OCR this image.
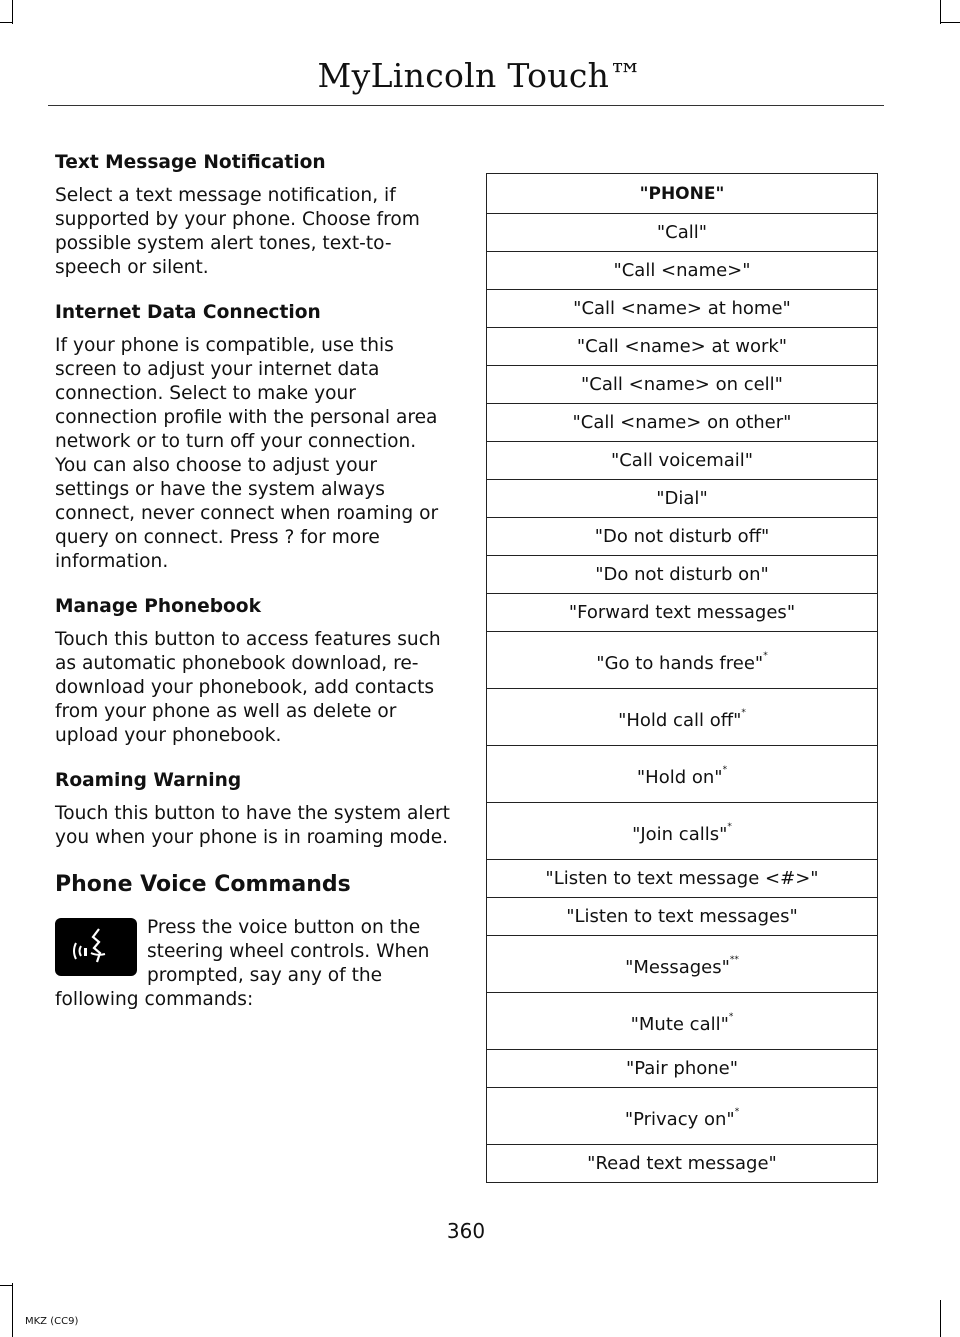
MyLincoln Touch™
Text Message Notification

Select a text message notification, if supported by your phone. Choose from possible system alert tones, text-to-speech or silent.

Internet Data Connection

If your phone is compatible, use this screen to adjust your internet data connection. Select to make your connection profile with the personal area network or to turn off your connection. You can also choose to adjust your settings or have the system always connect, never connect when roaming or query on connect. Press ? for more information.

Manage Phonebook

Touch this button to access features such as automatic phonebook download, re-download your phonebook, add contacts from your phone as well as delete or upload your phonebook.

Roaming Warning

Touch this button to have the system alert you when your phone is in roaming mode.

Phone Voice Commands
Press the voice button on the steering wheel controls. When prompted, say any of the following commands:
"PHONE"
"Call"
"Call <name>"
"Call <name> at home"
"Call <name> at work"
"Call <name> on cell"
"Call <name> on other"
"Call voicemail"
"Dial"
"Do not disturb off"
"Do not disturb on"
"Forward text messages"
"Go to hands free"*
"Hold call off"*
"Hold on"*
"Join calls"*
"Listen to text message <#>"
"Listen to text messages"
"Messages"**
"Mute call"*
"Pair phone"
"Privacy on"*
"Read text message"
360
MKZ (CC9)
